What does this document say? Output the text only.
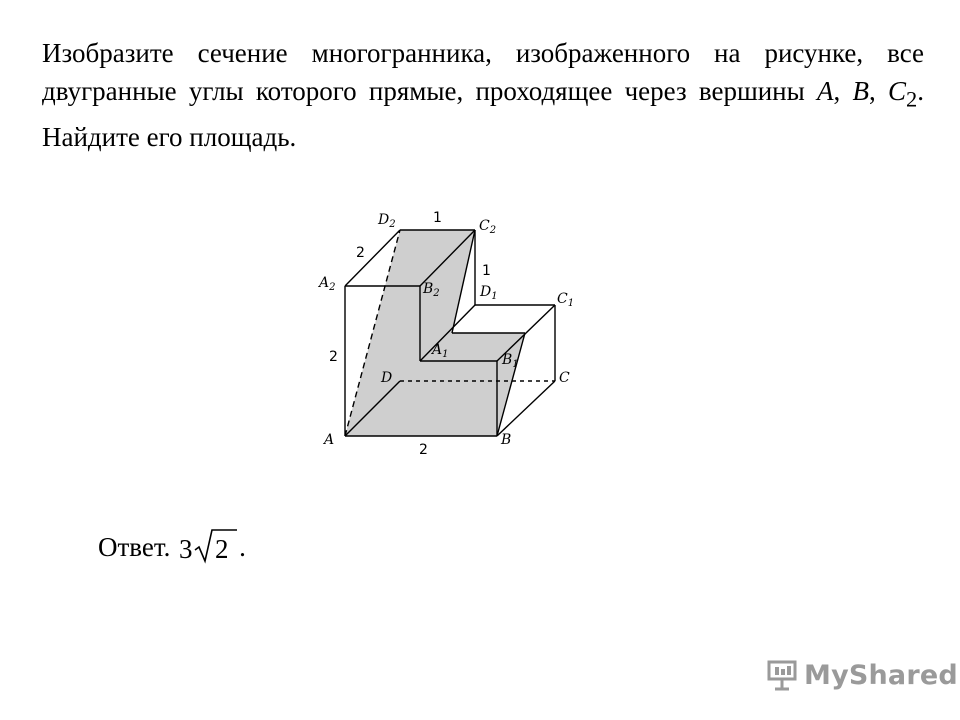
Изобразите сечение многогранника, изображенного на рисунке, все двугранные углы которого прямые, проходящее через вершины A, B, $C_2$. Найдите его площадь.

$D_2$	$C_2$
$A_2$	$B_2$	$D_1$	$C_1$
$A_1$	$B_1$
D	C
A	B
1
2
1
2
2
Ответ. 3 2 .
MyShared
